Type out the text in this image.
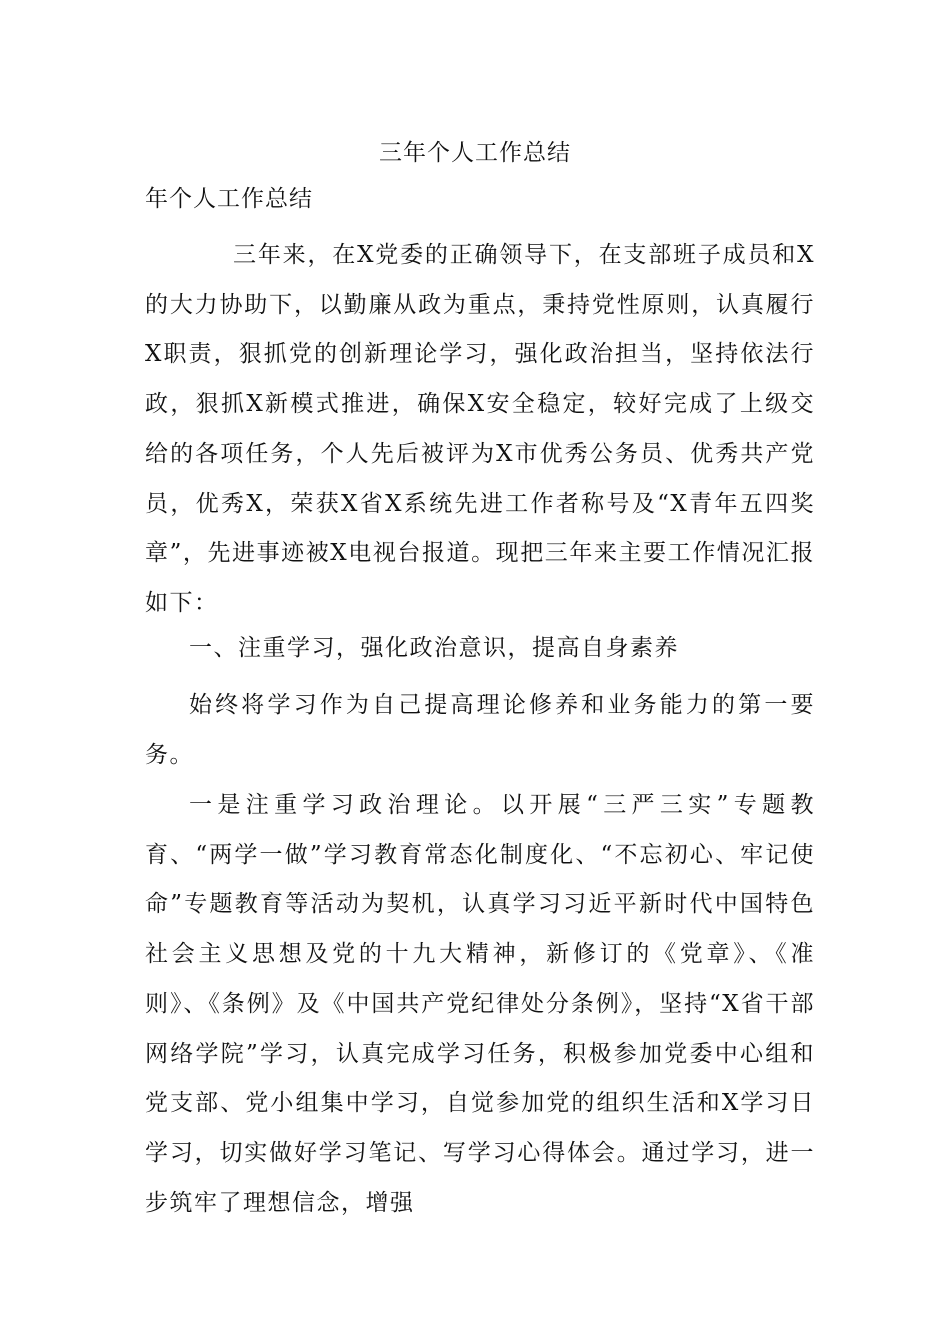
三年个人工作总结
年个人工作总结

三年来，在X党委的正确领导下，在支部班子成员和X的大力协助下，以勤廉从政为重点，秉持党性原则，认真履行X职责，狠抓党的创新理论学习，强化政治担当，坚持依法行政，狠抓X新模式推进，确保X安全稳定，较好完成了上级交给的各项任务，个人先后被评为X市优秀公务员、优秀共产党员，优秀X，荣获X省X系统先进工作者称号及“X青年五四奖章”，先进事迹被X电视台报道。现把三年来主要工作情况汇报如下：

一、注重学习，强化政治意识，提高自身素养

始终将学习作为自己提高理论修养和业务能力的第一要务。

一是注重学习政治理论。以开展“三严三实”专题教育、“两学一做”学习教育常态化制度化、“不忘初心、牢记使命”专题教育等活动为契机，认真学习习近平新时代中国特色社会主义思想及党的十九大精神，新修订的《党章》、《准则》、《条例》及《中国共产党纪律处分条例》，坚持“X省干部网络学院”学习，认真完成学习任务，积极参加党委中心组和党支部、党小组集中学习，自觉参加党的组织生活和X学习日学习，切实做好学习笔记、写学习心得体会。通过学习，进一步筑牢了理想信念，增强
